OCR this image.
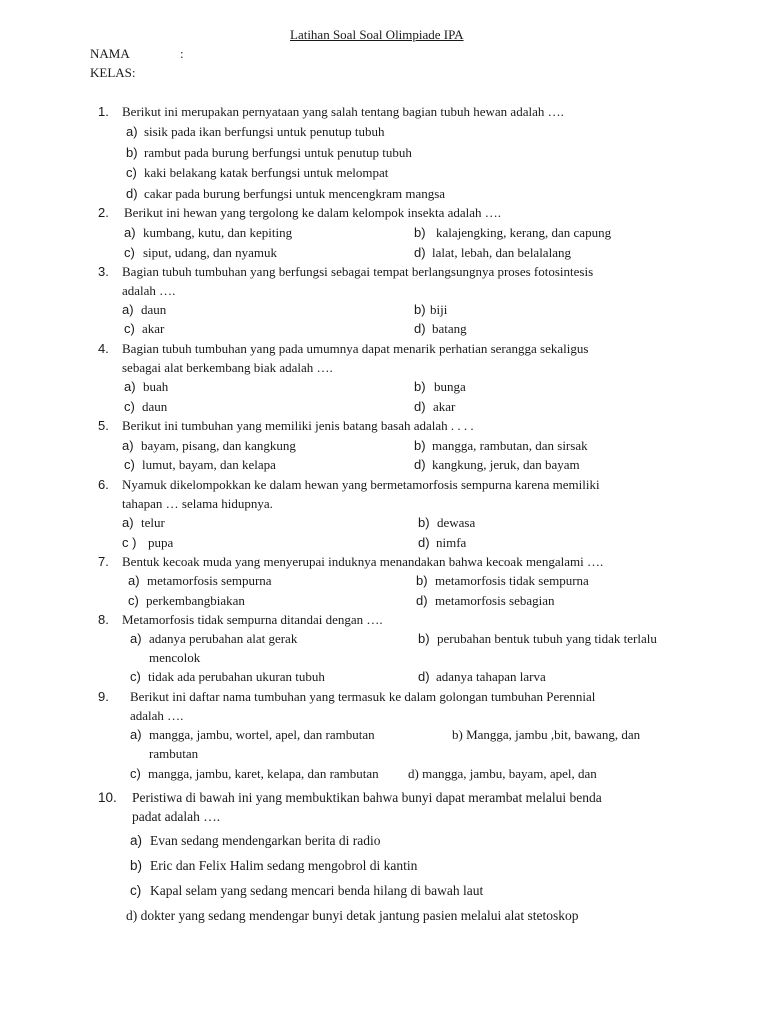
Latihan Soal Soal Olimpiade IPA
NAMA	:
KELAS:
1. Berikut ini merupakan pernyataan yang salah tentang bagian tubuh hewan adalah ….
a) sisik pada ikan berfungsi untuk penutup tubuh
b) rambut pada burung berfungsi untuk penutup tubuh
c) kaki belakang katak berfungsi untuk melompat
d) cakar pada burung berfungsi untuk mencengkram mangsa
2. Berikut ini hewan yang tergolong ke dalam kelompok insekta adalah ….
a) kumbang, kutu, dan kepiting	b) kalajengking, kerang, dan capung
c) siput, udang, dan nyamuk	d) lalat, lebah, dan belalalang
3. Bagian tubuh tumbuhan yang berfungsi sebagai tempat berlangsungnya proses fotosintesis
adalah ….
a) daun	b) biji
c) akar	d) batang
4. Bagian tubuh tumbuhan yang pada umumnya dapat menarik perhatian serangga sekaligus
sebagai alat berkembang biak adalah ….
a) buah	b) bunga
c) daun	d) akar
5. Berikut ini tumbuhan yang memiliki jenis batang basah adalah . . . .
a) bayam, pisang, dan kangkung	b) mangga, rambutan, dan sirsak
c) lumut, bayam, dan kelapa	d) kangkung, jeruk, dan bayam
6. Nyamuk dikelompokkan ke dalam hewan yang bermetamorfosis sempurna karena memiliki
tahapan … selama hidupnya.
a) telur	b) dewasa
c ) pupa	d) nimfa
7. Bentuk kecoak muda yang menyerupai induknya menandakan bahwa kecoak mengalami ….
a) metamorfosis sempurna	b) metamorfosis tidak sempurna
c) perkembangbiakan	d) metamorfosis sebagian
8. Metamorfosis tidak sempurna ditandai dengan ….
a) adanya perubahan alat gerak	b) perubahan bentuk tubuh yang tidak terlalu
mencolok
c) tidak ada perubahan ukuran tubuh	d) adanya tahapan larva
9. Berikut ini daftar nama tumbuhan yang termasuk ke dalam golongan tumbuhan Perennial
adalah ….
a) mangga, jambu, wortel, apel, dan rambutan	b) Mangga, jambu ,bit, bawang, dan
rambutan
c) mangga, jambu, karet, kelapa, dan rambutan d) mangga, jambu, bayam, apel, dan
10. Peristiwa di bawah ini yang membuktikan bahwa bunyi dapat merambat melalui benda
padat adalah ….
a) Evan sedang mendengarkan berita di radio
b) Eric dan Felix Halim sedang mengobrol di kantin
c) Kapal selam yang sedang mencari benda hilang di bawah laut
d) dokter yang sedang mendengar bunyi detak jantung pasien melalui alat stetoskop
